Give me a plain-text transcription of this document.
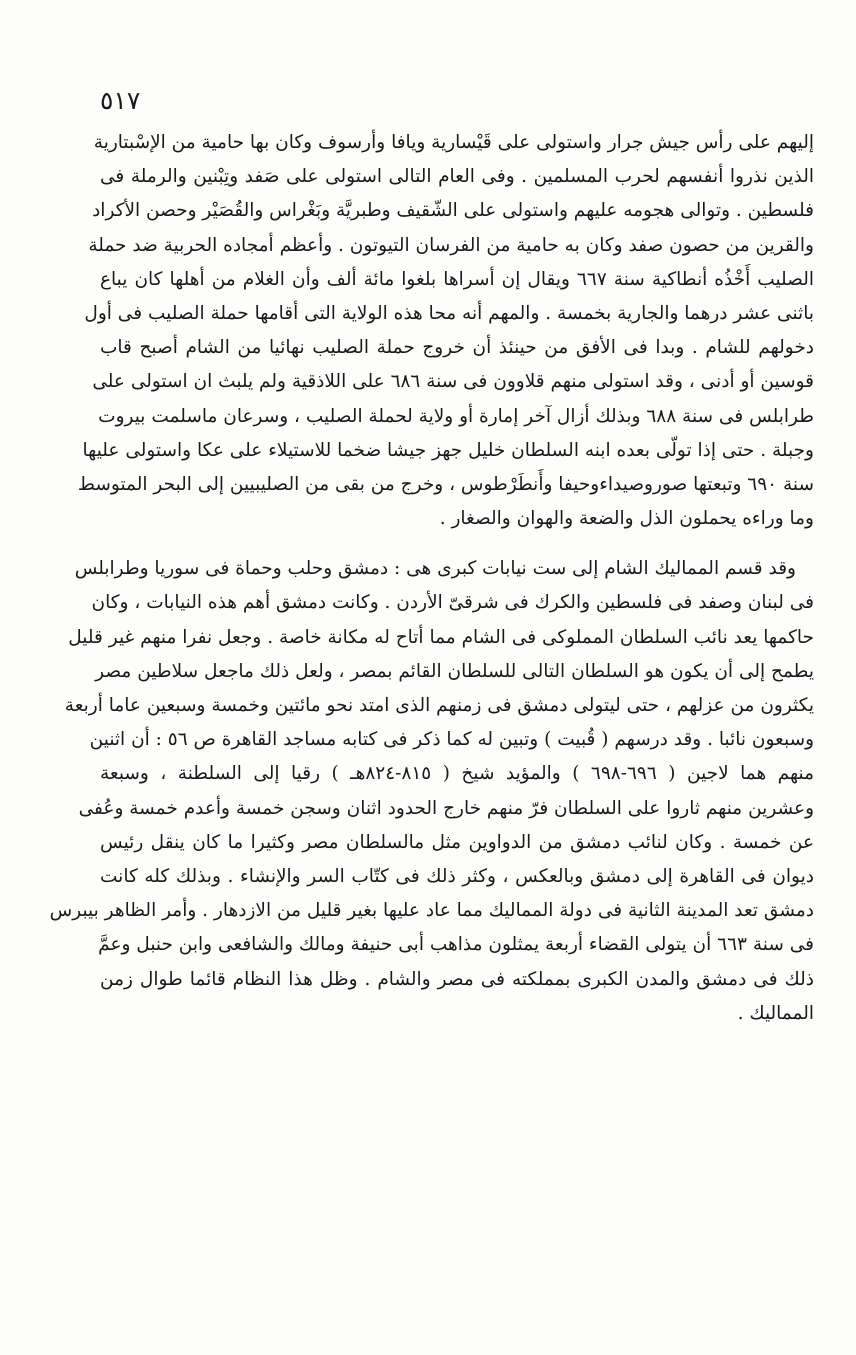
٥١٧
إليهم على رأس جيش جرار واستولى على قَيْسارية ويافا وأرسوف وكان بها حامية من الإسْبتارية
الذين نذروا أنفسهم لحرب المسلمين . وفى العام التالى استولى على صَفد وتِبْنين والرملة فى
فلسطين . وتوالى هجومه عليهم واستولى على الشّقيف وطبريَّة وبَغْراس والقُصَيْر وحصن الأكراد
والقرين من حصون صفد وكان به حامية من الفرسان التيوتون . وأعظم أمجاده الحربية ضد حملة
الصليب أَخْذُه أنطاكية سنة ٦٦٧ ويقال إن أسراها بلغوا مائة ألف وأن الغلام من أهلها كان يباع
باثنى عشر درهما والجارية بخمسة . والمهم أنه محا هذه الولاية التى أقامها حملة الصليب فى أول
دخولهم للشام . وبدا فى الأفق من حينئذ أن خروج حملة الصليب نهائيا من الشام أصبح قاب
قوسين أو أدنى ، وقد استولى منهم قلاوون فى سنة ٦٨٦ على اللاذقية ولم يلبث ان استولى على
طرابلس فى سنة ٦٨٨ وبذلك أزال آخر إمارة أو ولاية لحملة الصليب ، وسرعان ماسلمت بيروت
وجبلة . حتى إذا تولّى بعده ابنه السلطان خليل جهز جيشا ضخما للاستيلاء على عكا واستولى عليها
سنة ٦٩٠ وتبعتها صوروصيداءوحيفا وأَنطَرْطوس ، وخرج من بقى من الصليبيين إلى البحر المتوسط
وما وراءه يحملون الذل والضعة والهوان والصغار .
وقد قسم المماليك الشام إلى ست نيابات كبرى هى : دمشق وحلب وحماة فى سوريا وطرابلس
فى لبنان وصفد فى فلسطين والكرك فى شرقىّ الأردن . وكانت دمشق أهم هذه النيابات ، وكان
حاكمها يعد نائب السلطان المملوكى فى الشام مما أتاح له مكانة خاصة . وجعل نفرا منهم غير قليل
يطمح إلى أن يكون هو السلطان التالى للسلطان القائم بمصر ، ولعل ذلك ماجعل سلاطين مصر
يكثرون من عزلهم ، حتى ليتولى دمشق فى زمنهم الذى امتد نحو مائتين وخمسة وسبعين عاما أربعة
وسبعون نائبا . وقد درسهم ( قُبيت ) وتبين له كما ذكر فى كتابه مساجد القاهرة ص ٥٦ : أن اثنين
منهم هما لاجين ( ٦٩٦-٦٩٨ ) والمؤيد شيخ ( ٨١٥-٨٢٤هـ ) رقيا إلى السلطنة ، وسبعة
وعشرين منهم ثاروا على السلطان فرّ منهم خارج الحدود اثنان وسجن خمسة وأعدم خمسة وعُفى
عن خمسة . وكان لنائب دمشق من الدواوين مثل مالسلطان مصر وكثيرا ما كان ينقل رئيس
ديوان فى القاهرة إلى دمشق وبالعكس ، وكثر ذلك فى كتّاب السر والإنشاء . وبذلك كله كانت
دمشق تعد المدينة الثانية فى دولة المماليك مما عاد عليها بغير قليل من الازدهار . وأمر الظاهر بيبرس
فى سنة ٦٦٣ أن يتولى القضاء أربعة يمثلون مذاهب أبى حنيفة ومالك والشافعى وابن حنبل وعمَّ
ذلك فى دمشق والمدن الكبرى بمملكته فى مصر والشام . وظل هذا النظام قائما طوال زمن
المماليك .
